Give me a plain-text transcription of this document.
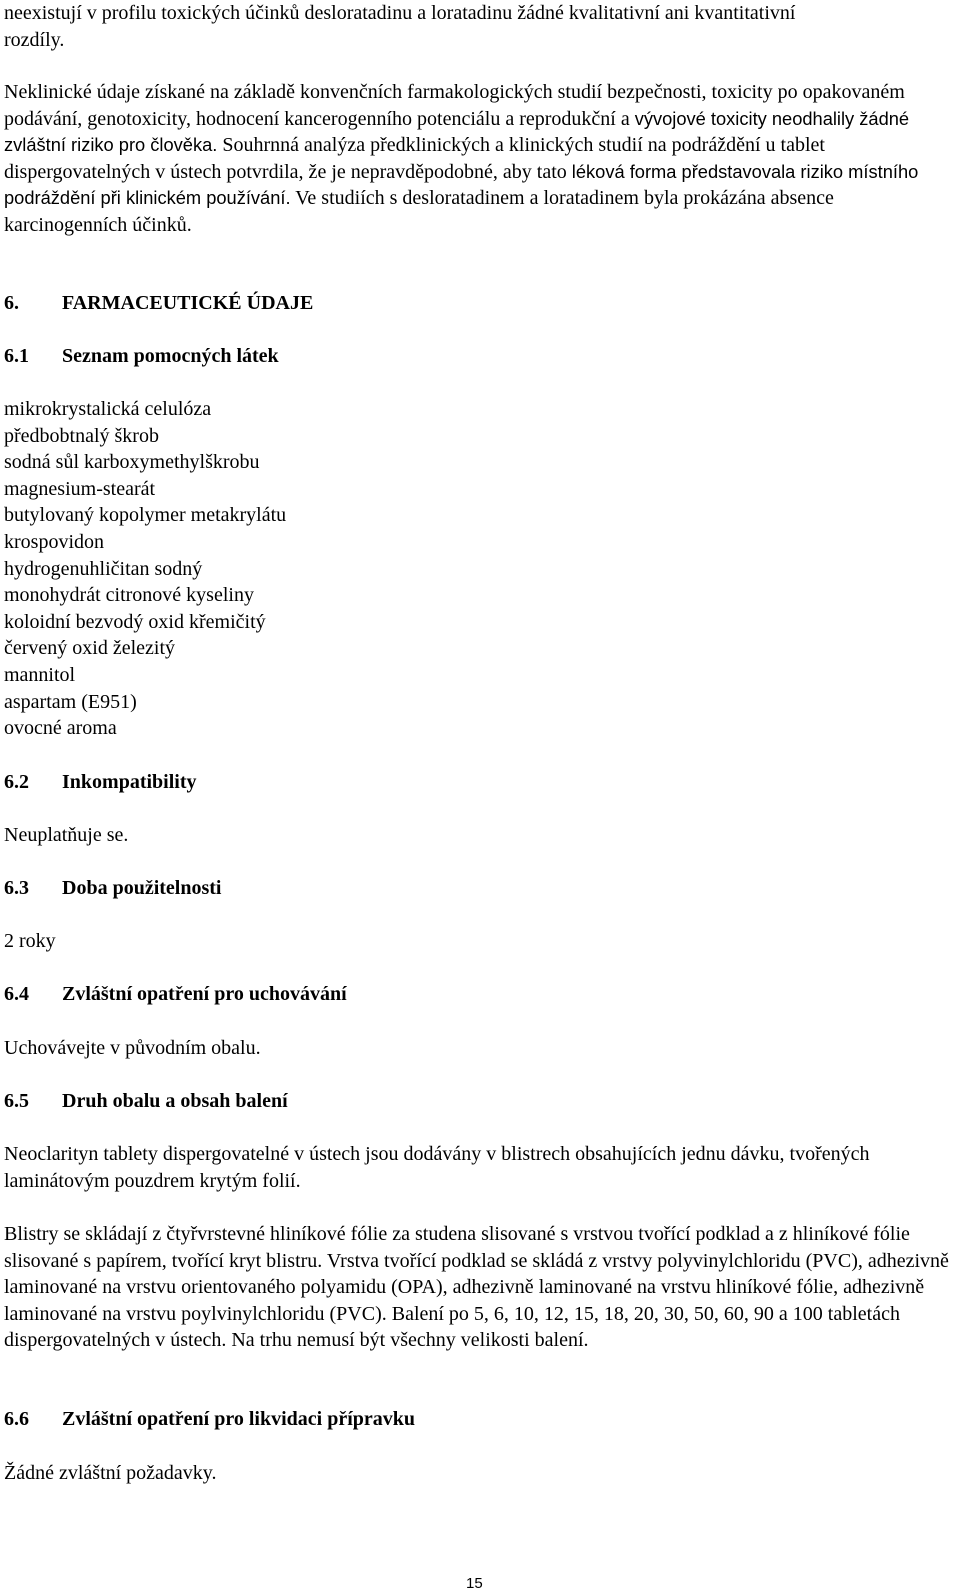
neexistují v profilu toxických účinků desloratadinu a loratadinu žádné kvalitativní ani kvantitativní
rozdíly.

Neklinické údaje získané na základě konvenčních farmakologických studií bezpečnosti, toxicity po opakovaném podávání, genotoxicity, hodnocení kancerogenního potenciálu a reprodukční a vývojové toxicity neodhalily žádné zvláštní riziko pro člověka. Souhrnná analýza předklinických a klinických studií na podráždění u tablet dispergovatelných v ústech potvrdila, že je nepravděpodobné, aby tato léková forma představovala riziko místního podráždění při klinickém používání. Ve studiích s desloratadinem a loratadinem byla prokázána absence karcinogenních účinků.

6. FARMACEUTICKÉ ÚDAJE
6.1 Seznam pomocných látek
mikrokrystalická celulóza
předbobtnalý škrob
sodná sůl karboxymethylškrobu
magnesium-stearát
butylovaný kopolymer metakrylátu
krospovidon
hydrogenuhličitan sodný
monohydrát citronové kyseliny
koloidní bezvodý oxid křemičitý
červený oxid železitý
mannitol
aspartam (E951)
ovocné aroma
6.2 Inkompatibility
Neuplatňuje se.
6.3 Doba použitelnosti
2 roky
6.4 Zvláštní opatření pro uchovávání
Uchovávejte v původním obalu.
6.5 Druh obalu a obsah balení

Neoclarityn tablety dispergovatelné v ústech jsou dodávány v blistrech obsahujících jednu dávku, tvořených laminátovým pouzdrem krytým folií.

Blistry se skládají z čtyřvrstevné hliníkové fólie za studena slisované s vrstvou tvořící podklad a z hliníkové fólie slisované s papírem, tvořící kryt blistru. Vrstva tvořící podklad se skládá z vrstvy polyvinylchloridu (PVC), adhezivně laminované na vrstvu orientovaného polyamidu (OPA), adhezivně laminované na vrstvu hliníkové fólie, adhezivně laminované na vrstvu poylvinylchloridu (PVC). Balení po 5, 6, 10, 12, 15, 18, 20, 30, 50, 60, 90 a 100 tabletách dispergovatelných v ústech. Na trhu nemusí být všechny velikosti balení.

6.6 Zvláštní opatření pro likvidaci přípravku
Žádné zvláštní požadavky.
15
